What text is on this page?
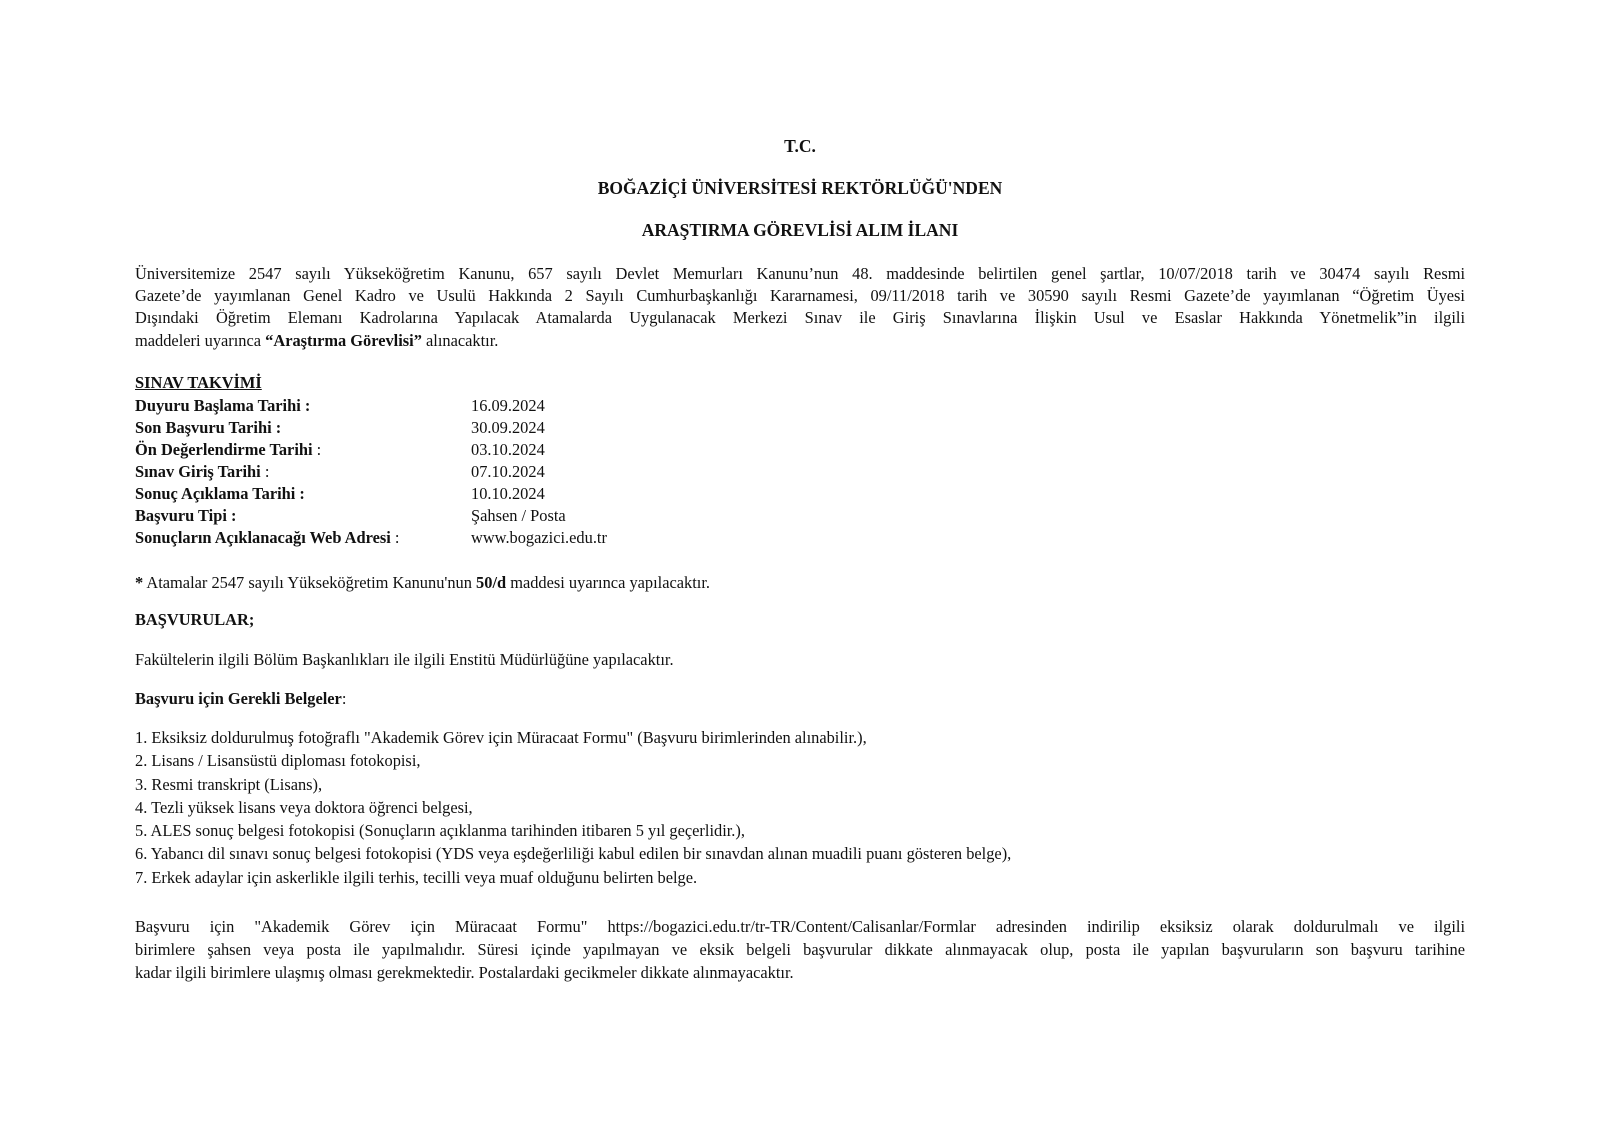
T.C.
BOĞAZİÇİ ÜNİVERSİTESİ REKTÖRLÜĞÜ'NDEN
ARAŞTIRMA GÖREVLİSİ ALIM İLANI
Üniversitemize 2547 sayılı Yükseköğretim Kanunu, 657 sayılı Devlet Memurları Kanunu’nun 48. maddesinde belirtilen genel şartlar, 10/07/2018 tarih ve 30474 sayılı Resmi
Gazete’de yayımlanan Genel Kadro ve Usulü Hakkında 2 Sayılı Cumhurbaşkanlığı Kararnamesi, 09/11/2018 tarih ve 30590 sayılı Resmi Gazete’de yayımlanan “Öğretim Üyesi
Dışındaki Öğretim Elemanı Kadrolarına Yapılacak Atamalarda Uygulanacak Merkezi Sınav ile Giriş Sınavlarına İlişkin Usul ve Esaslar Hakkında Yönetmelik”in ilgili
maddeleri uyarınca “Araştırma Görevlisi” alınacaktır.
SINAV TAKVİMİ
Duyuru Başlama Tarihi :	16.09.2024
Son Başvuru Tarihi :	30.09.2024
Ön Değerlendirme Tarihi :	03.10.2024
Sınav Giriş Tarihi :	07.10.2024
Sonuç Açıklama Tarihi :	10.10.2024
Başvuru Tipi :	Şahsen / Posta
Sonuçların Açıklanacağı Web Adresi :	www.bogazici.edu.tr
* Atamalar 2547 sayılı Yükseköğretim Kanunu'nun 50/d maddesi uyarınca yapılacaktır.
BAŞVURULAR;
Fakültelerin ilgili Bölüm Başkanlıkları ile ilgili Enstitü Müdürlüğüne yapılacaktır.
Başvuru için Gerekli Belgeler:
1. Eksiksiz doldurulmuş fotoğraflı "Akademik Görev için Müracaat Formu" (Başvuru birimlerinden alınabilir.),
2. Lisans / Lisansüstü diploması fotokopisi,
3. Resmi transkript (Lisans),
4. Tezli yüksek lisans veya doktora öğrenci belgesi,
5. ALES sonuç belgesi fotokopisi (Sonuçların açıklanma tarihinden itibaren 5 yıl geçerlidir.),
6. Yabancı dil sınavı sonuç belgesi fotokopisi (YDS veya eşdeğerliliği kabul edilen bir sınavdan alınan muadili puanı gösteren belge),
7. Erkek adaylar için askerlikle ilgili terhis, tecilli veya muaf olduğunu belirten belge.
Başvuru için "Akademik Görev için Müracaat Formu" https://bogazici.edu.tr/tr-TR/Content/Calisanlar/Formlar adresinden indirilip eksiksiz olarak doldurulmalı ve ilgili
birimlere şahsen veya posta ile yapılmalıdır. Süresi içinde yapılmayan ve eksik belgeli başvurular dikkate alınmayacak olup, posta ile yapılan başvuruların son başvuru tarihine
kadar ilgili birimlere ulaşmış olması gerekmektedir. Postalardaki gecikmeler dikkate alınmayacaktır.
